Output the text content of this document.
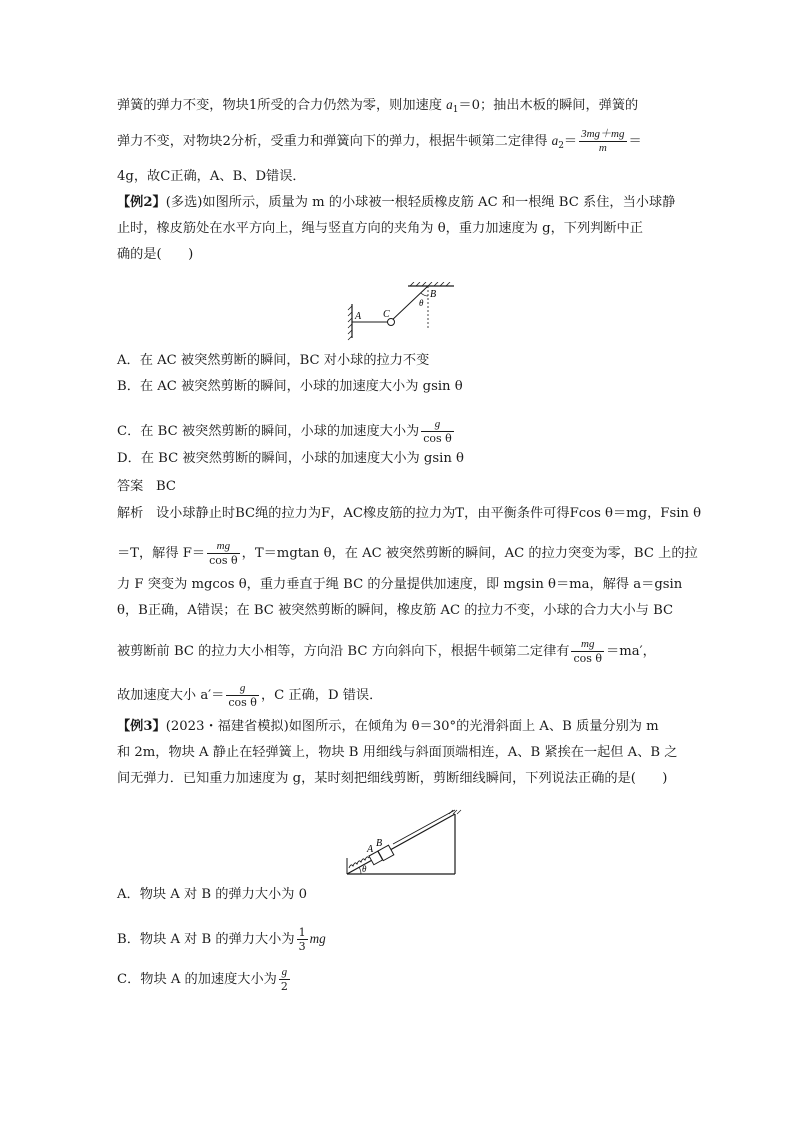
弹簧的弹力不变，物块1所受的合力仍然为零，则加速度 $a_1=0$；抽出木板的瞬间，弹簧的
弹力不变，对物块2分析，受重力和弹簧向下的弹力，根据牛顿第二定律得 $a_2= \frac{3mg+mg}{m}$ ＝
4g，故C正确，A、B、D错误．
【例2】(多选)如图所示，质量为 m 的小球被一根轻质橡皮筋 AC 和一根绳 BC 系住，当小球静
止时，橡皮筋处在水平方向上，绳与竖直方向的夹角为 θ，重力加速度为 g，下列判断中正
确的是(　　)
A C
B
θ
A．在 AC 被突然剪断的瞬间，BC 对小球的拉力不变
B．在 AC 被突然剪断的瞬间，小球的加速度大小为 gsin θ
C．在 BC 被突然剪断的瞬间，小球的加速度大小为 $\frac{g}{\text{cos θ}}$
D．在 BC 被突然剪断的瞬间，小球的加速度大小为 gsin θ
答案 BC
解析 设小球静止时BC绳的拉力为F，AC橡皮筋的拉力为T，由平衡条件可得Fcos θ＝mg，Fsin θ
＝T，解得 $F= \frac{mg}{\text{cos θ}}$ ，T＝mgtan θ，在 AC 被突然剪断的瞬间，AC 的拉力突变为零，BC 上的拉
力 F 突变为 mgcos θ，重力垂直于绳 BC 的分量提供加速度，即 mgsin θ＝ma，解得 a＝gsin
θ，B正确，A错误；在 BC 被突然剪断的瞬间，橡皮筋 AC 的拉力不变，小球的合力大小与 BC
被剪断前 BC 的拉力大小相等，方向沿 BC 方向斜向下，根据牛顿第二定律有 $\frac{mg}{\text{cos θ}} =ma'$，
故加速度大小 $a'= \frac{g}{\text{cos θ}}$ ，C 正确，D 错误．
【例3】(2023・福建省模拟)如图所示，在倾角为 θ＝30°的光滑斜面上 A、B 质量分别为 m
和 2m，物块 A 静止在轻弹簧上，物块 B 用细线与斜面顶端相连，A、B 紧挨在一起但 A、B 之
间无弹力．已知重力加速度为 g，某时刻把细线剪断，剪断细线瞬间，下列说法正确的是(　　)
A
B
θ
A．物块 A 对 B 的弹力大小为 0
B．物块 A 对 B 的弹力大小为 $\frac{1}{3}$ mg
C．物块 A 的加速度大小为 $\frac{g}{2}$
